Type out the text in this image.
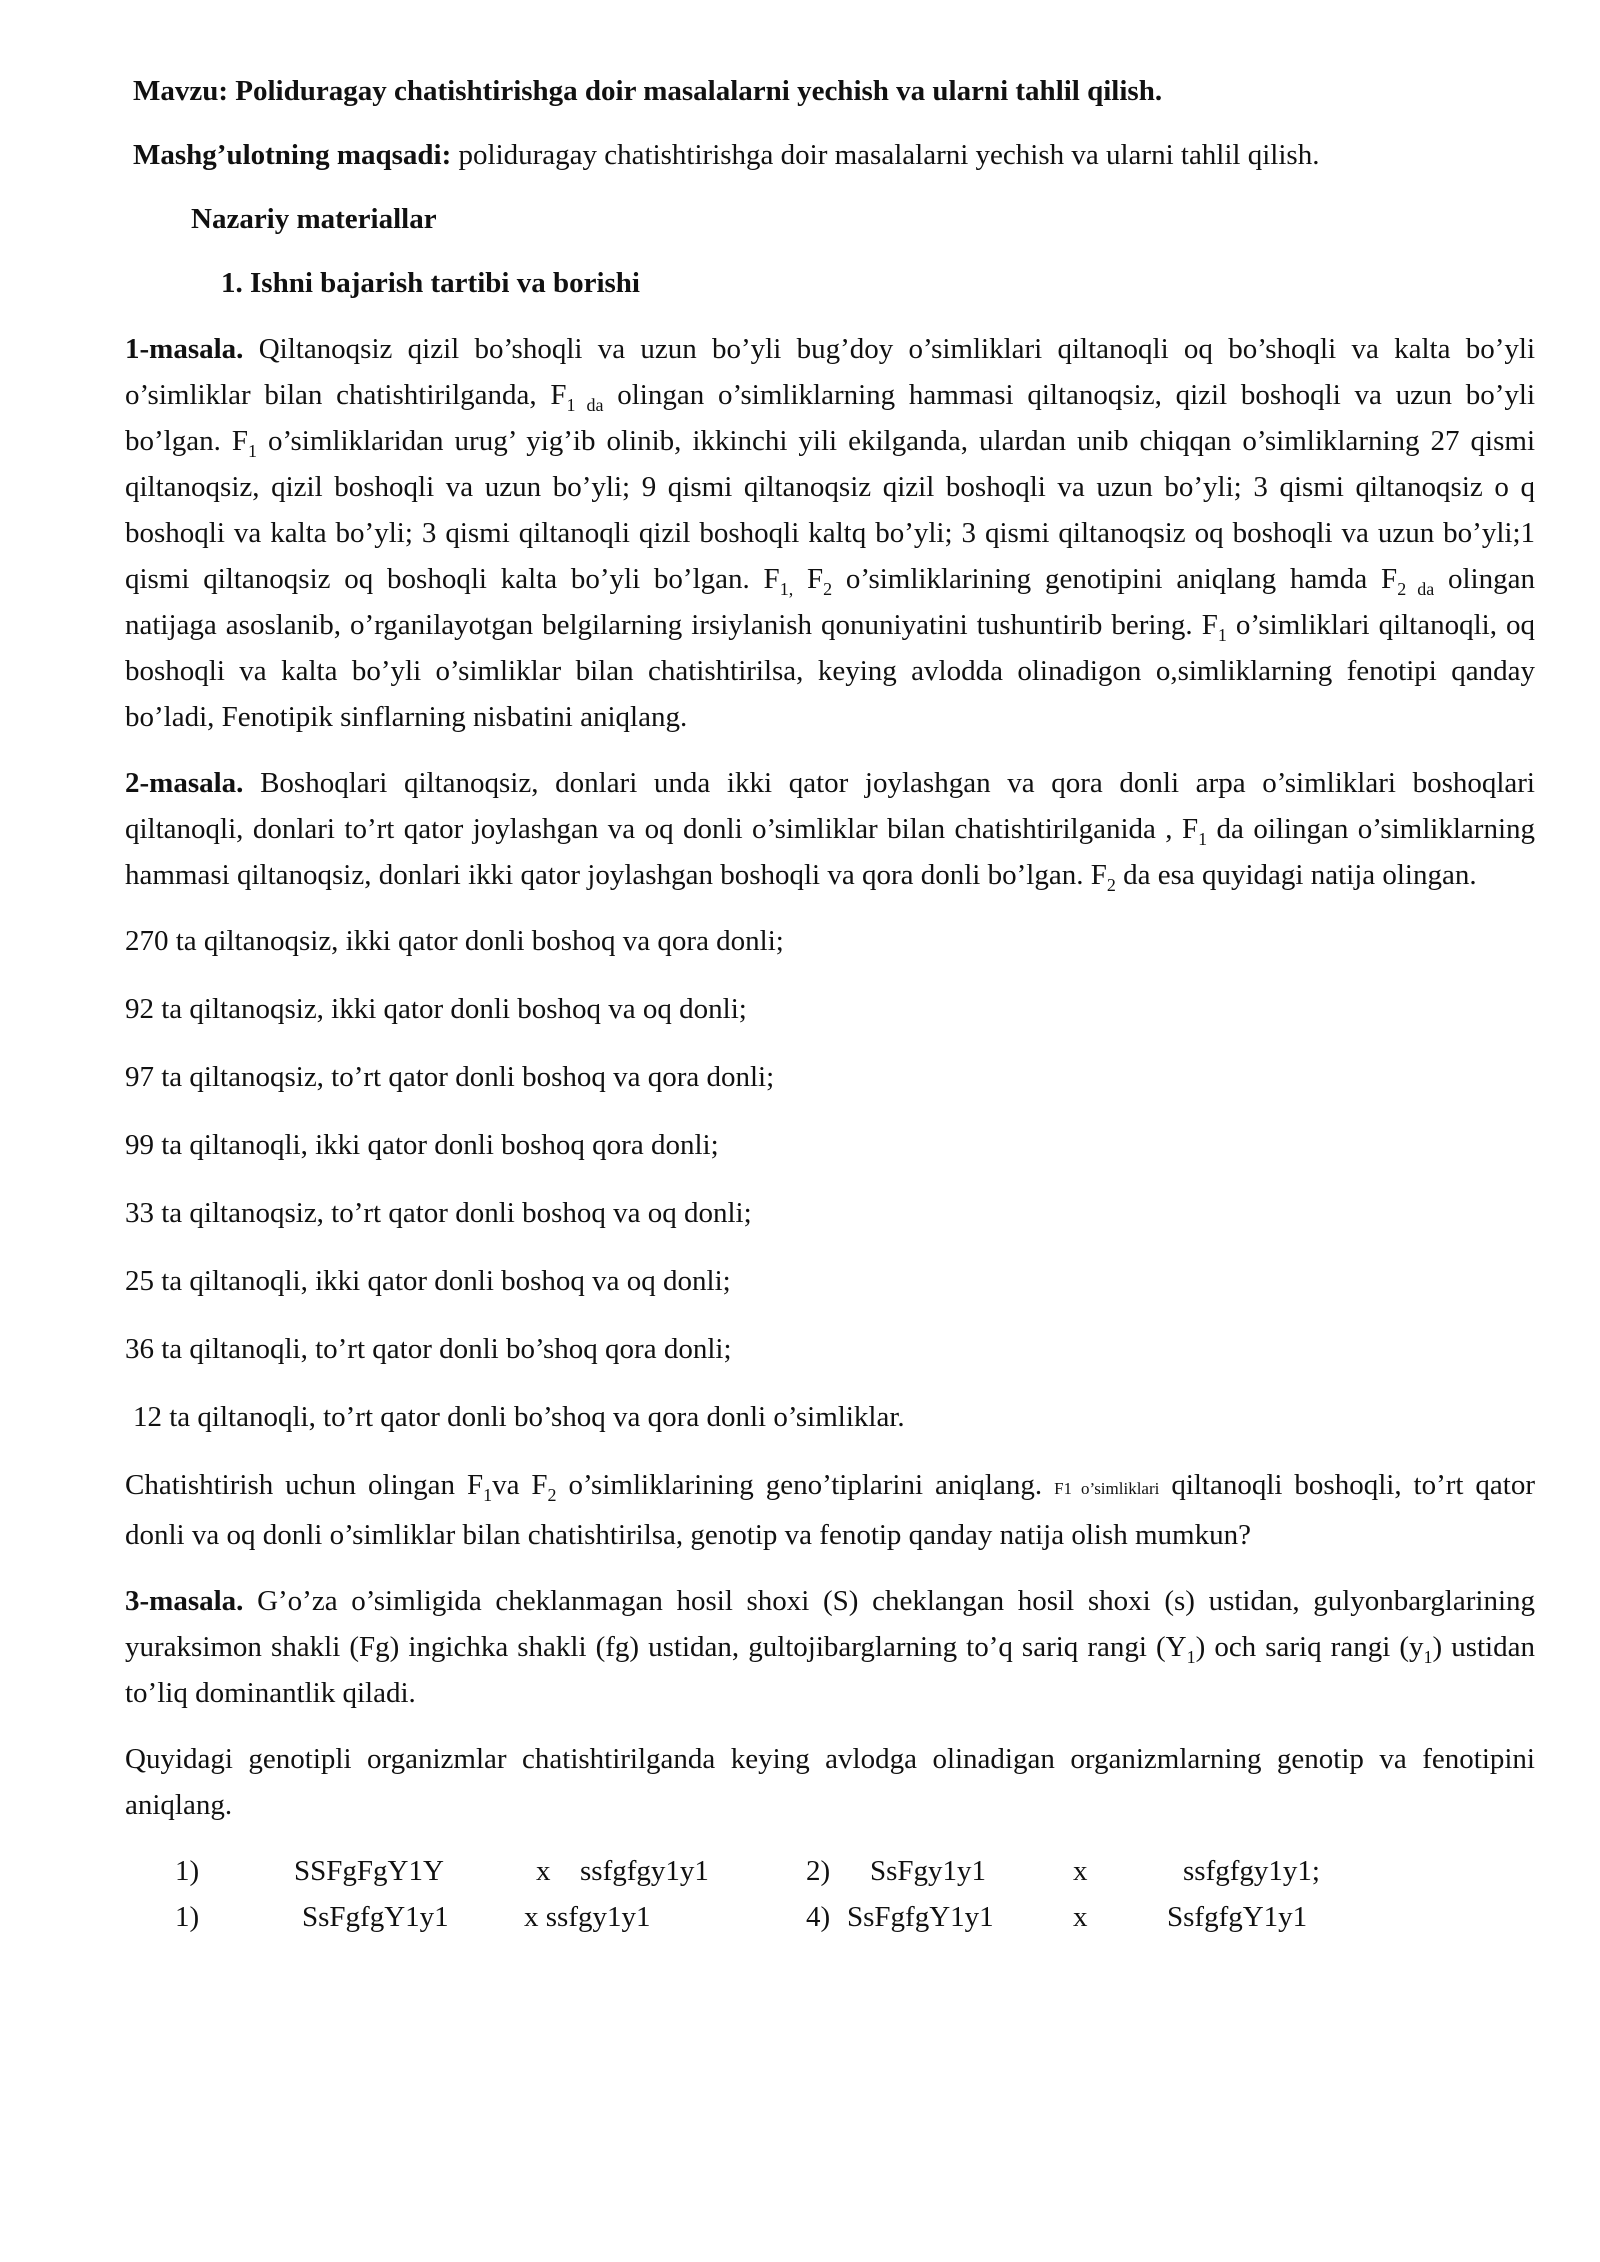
Mavzu: Poliduragay chatishtirishga doir masalalarni yechish va ularni tahlil qilish.

Mashg’ulotning maqsadi: poliduragay chatishtirishga doir masalalarni yechish va ularni tahlil qilish.

Nazariy materiallar

1. Ishni bajarish tartibi va borishi

1-masala. Qiltanoqsiz qizil bo’shoqli va uzun bo’yli bug’doy o’simliklari qiltanoqli oq bo’shoqli va kalta bo’yli o’simliklar bilan chatishtirilganda, $F_{1 da}$ olingan o’simliklarning hammasi qiltanoqsiz, qizil boshoqli va uzun bo’yli bo’lgan. $F_1$ o’simliklaridan urug’ yig’ib olinib, ikkinchi yili ekilganda, ulardan unib chiqqan o’simliklarning 27 qismi qiltanoqsiz, qizil boshoqli va uzun bo’yli; 9 qismi qiltanoqsiz qizil boshoqli va uzun bo’yli; 3 qismi qiltanoqsiz o q boshoqli va kalta bo’yli; 3 qismi qiltanoqli qizil boshoqli kaltq bo’yli; 3 qismi qiltanoqsiz oq boshoqli va uzun bo’yli;1 qismi qiltanoqsiz oq boshoqli kalta bo’yli bo’lgan. $F_{1,}$ $F_2$ o’simliklarining genotipini aniqlang hamda $F_{2 da}$ olingan natijaga asoslanib, o’rganilayotgan belgilarning irsiylanish qonuniyatini tushuntirib bering. $F_1$ o’simliklari qiltanoqli, oq boshoqli va kalta bo’yli o’simliklar bilan chatishtirilsa, keying avlodda olinadigon o,simliklarning fenotipi qanday bo’ladi, Fenotipik sinflarning nisbatini aniqlang.

2-masala. Boshoqlari qiltanoqsiz, donlari unda ikki qator joylashgan va qora donli arpa o’simliklari boshoqlari qiltanoqli, donlari to’rt qator joylashgan va oq donli o’simliklar bilan chatishtirilganida , $F_1$ da oilingan o’simliklarning hammasi qiltanoqsiz, donlari ikki qator joylashgan boshoqli va qora donli bo’lgan. $F_2$ da esa quyidagi natija olingan.

270 ta qiltanoqsiz, ikki qator donli boshoq va qora donli;

92 ta qiltanoqsiz, ikki qator donli boshoq va oq donli;

97 ta qiltanoqsiz, to’rt qator donli boshoq va qora donli;

99 ta qiltanoqli, ikki qator donli boshoq qora donli;

33 ta qiltanoqsiz, to’rt qator donli boshoq va oq donli;

25 ta qiltanoqli, ikki qator donli boshoq va oq donli;

36 ta qiltanoqli, to’rt qator donli bo’shoq qora donli;

12 ta qiltanoqli, to’rt qator donli bo’shoq va qora donli o’simliklar.

Chatishtirish uchun olingan $F_1va$ $F_2$ o’simliklarining geno’tiplarini aniqlang. F1 o’simliklari qiltanoqli boshoqli, to’rt qator donli va oq donli o’simliklar bilan chatishtirilsa, genotip va fenotip qanday natija olish mumkun?

3-masala. G’o’za o’simligida cheklanmagan hosil shoxi (S) cheklangan hosil shoxi (s) ustidan, gulyonbarglarining yuraksimon shakli (Fg) ingichka shakli (fg) ustidan, gultojibarglarning to’q sariq rangi $(Y_1)$ och sariq rangi $(y_1)$ ustidan to’liq dominantlik qiladi.

Quyidagi genotipli organizmlar chatishtirilganda keying avlodga olinadigan organizmlarning genotip va fenotipini aniqlang.

1)	SSFgFgY1Y	x ssfgfgy1y1	2) SsFgy1y1	x	ssfgfgy1y1;
1)	SsFgfgY1y1	x ssfgy1y1	4) SsFgfgY1y1	x	SsfgfgY1y1
